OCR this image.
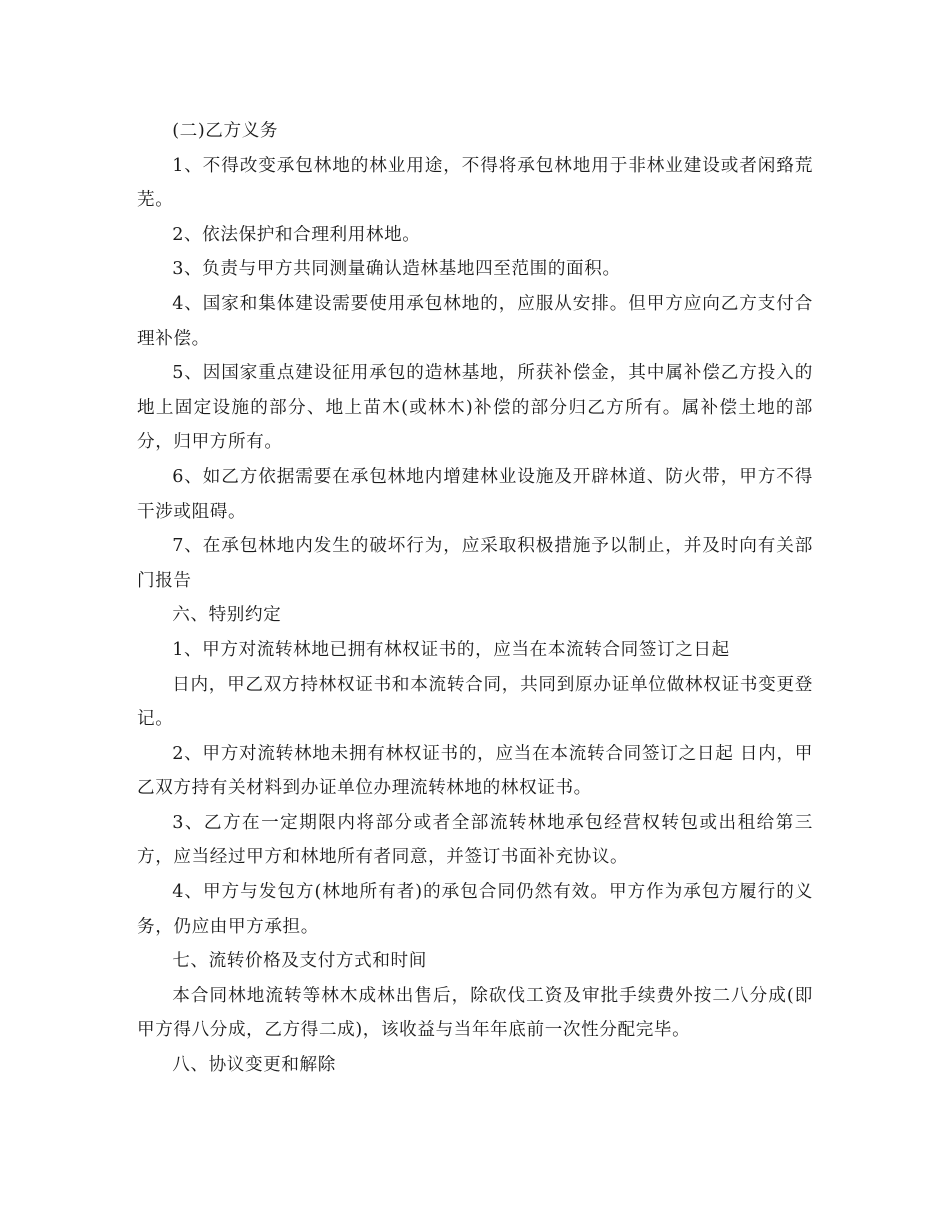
(二)乙方义务

1、不得改变承包林地的林业用途，不得将承包林地用于非林业建设或者闲臵荒芜。

2、依法保护和合理利用林地。

3、负责与甲方共同测量确认造林基地四至范围的面积。

4、国家和集体建设需要使用承包林地的，应服从安排。但甲方应向乙方支付合理补偿。

5、因国家重点建设征用承包的造林基地，所获补偿金，其中属补偿乙方投入的地上固定设施的部分、地上苗木(或林木)补偿的部分归乙方所有。属补偿土地的部分，归甲方所有。

6、如乙方依据需要在承包林地内增建林业设施及开辟林道、防火带，甲方不得干涉或阻碍。

7、在承包林地内发生的破坏行为，应采取积极措施予以制止，并及时向有关部门报告

六、特别约定

1、甲方对流转林地已拥有林权证书的，应当在本流转合同签订之日起

日内，甲乙双方持林权证书和本流转合同，共同到原办证单位做林权证书变更登记。

2、甲方对流转林地未拥有林权证书的，应当在本流转合同签订之日起 日内，甲乙双方持有关材料到办证单位办理流转林地的林权证书。

3、乙方在一定期限内将部分或者全部流转林地承包经营权转包或出租给第三方，应当经过甲方和林地所有者同意，并签订书面补充协议。

4、甲方与发包方(林地所有者)的承包合同仍然有效。甲方作为承包方履行的义务，仍应由甲方承担。

七、流转价格及支付方式和时间

本合同林地流转等林木成林出售后，除砍伐工资及审批手续费外按二八分成(即甲方得八分成，乙方得二成)，该收益与当年年底前一次性分配完毕。

八、协议变更和解除
